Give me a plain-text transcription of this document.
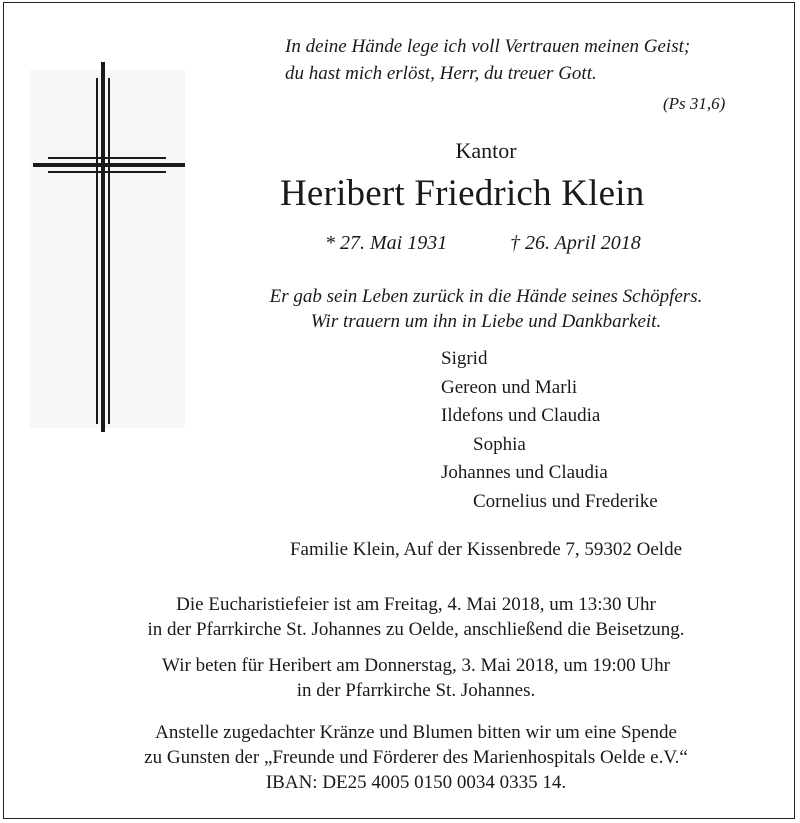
In deine Hände lege ich voll Vertrauen meinen Geist;
du hast mich erlöst, Herr, du treuer Gott.
(Ps 31,6)
Kantor
Heribert Friedrich Klein
* 27. Mai 1931	† 26. April 2018
Er gab sein Leben zurück in die Hände seines Schöpfers.
Wir trauern um ihn in Liebe und Dankbarkeit.
Sigrid
Gereon und Marli
Ildefons und Claudia
Sophia
Johannes und Claudia
Cornelius und Frederike
Familie Klein, Auf der Kissenbrede 7, 59302 Oelde
Die Eucharistiefeier ist am Freitag, 4. Mai 2018, um 13:30 Uhr
in der Pfarrkirche St. Johannes zu Oelde, anschließend die Beisetzung.
Wir beten für Heribert am Donnerstag, 3. Mai 2018, um 19:00 Uhr
in der Pfarrkirche St. Johannes.
Anstelle zugedachter Kränze und Blumen bitten wir um eine Spende
zu Gunsten der „Freunde und Förderer des Marienhospitals Oelde e.V.“
IBAN: DE25 4005 0150 0034 0335 14.
